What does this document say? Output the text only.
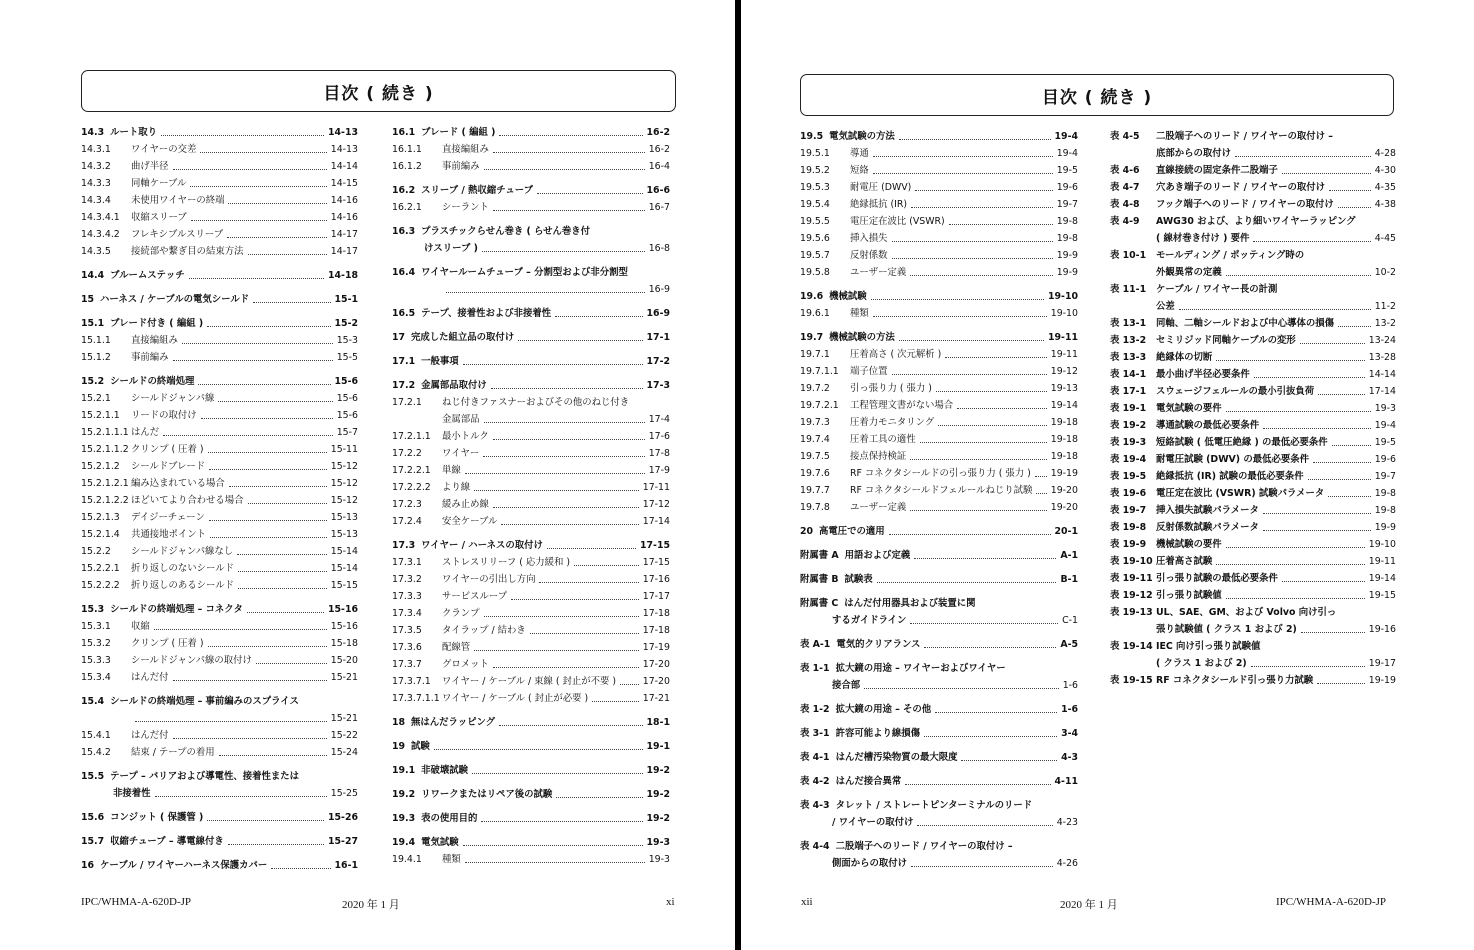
目次 ( 続き )
14.3 ルート取り	14-13
14.3.1	ワイヤーの交差	14-13
14.3.2	曲げ半径	14-14
14.3.3	同軸ケーブル	14-15
14.3.4	未使用ワイヤーの終端	14-16
14.3.4.1	収縮スリーブ	14-16
14.3.4.2	フレキシブルスリーブ	14-17
14.3.5	接続部や繋ぎ目の結束方法	14-17
14.4 ブルームステッチ	14-18
15 ハーネス / ケーブルの電気シールド	15-1
15.1 ブレード付き ( 編組 )	15-2
15.1.1	直接編組み	15-3
15.1.2	事前編み	15-5
15.2 シールドの終端処理	15-6
15.2.1	シールドジャンパ線	15-6
15.2.1.1	リードの取付け	15-6
15.2.1.1.1 はんだ	15-7
15.2.1.1.2 クリンプ ( 圧着 )	15-11
15.2.1.2	シールドブレード	15-12
15.2.1.2.1 編み込まれている場合	15-12
15.2.1.2.2 ほどいてより合わせる場合	15-12
15.2.1.3	デイジーチェーン	15-13
15.2.1.4	共通接地ポイント	15-13
15.2.2	シールドジャンパ線なし	15-14
15.2.2.1	折り返しのないシールド	15-14
15.2.2.2	折り返しのあるシールド	15-15
15.3 シールドの終端処理 – コネクタ	15-16
15.3.1	収縮	15-16
15.3.2	クリンプ ( 圧着 )	15-18
15.3.3	シールドジャンパ線の取付け	15-20
15.3.4	はんだ付	15-21
15.4 シールドの終端処理 – 事前編みのスプライス
15-21
15.4.1	はんだ付	15-22
15.4.2	結束 / テープの着用	15-24
15.5 テープ – バリアおよび導電性、接着性または
非接着性	15-25
15.6 コンジット ( 保護管 )	15-26
15.7 収縮チューブ – 導電線付き	15-27
16 ケーブル / ワイヤーハーネス保護カバー	16-1
16.1 ブレード ( 編組 )	16-2
16.1.1	直接編組み	16-2
16.1.2	事前編み	16-4
16.2 スリーブ / 熱収縮チューブ	16-6
16.2.1	シーラント	16-7
16.3 プラスチックらせん巻き ( らせん巻き付
けスリーブ )	16-8
16.4 ワイヤールームチューブ – 分割型および非分割型
16-9
16.5 テープ、接着性および非接着性	16-9
17 完成した組立品の取付け	17-1
17.1 一般事項	17-2
17.2 金属部品取付け	17-3
17.2.1	ねじ付きファスナーおよびその他のねじ付き
金属部品	17-4
17.2.1.1	最小トルク	17-6
17.2.2	ワイヤー	17-8
17.2.2.1	単線	17-9
17.2.2.2	より線	17-11
17.2.3	緩み止め線	17-12
17.2.4	安全ケーブル	17-14
17.3 ワイヤー / ハーネスの取付け	17-15
17.3.1	ストレスリリーフ ( 応力緩和 )	17-15
17.3.2	ワイヤーの引出し方向	17-16
17.3.3	サービスループ	17-17
17.3.4	クランプ	17-18
17.3.5	タイラップ / 結わき	17-18
17.3.6	配線管	17-19
17.3.7	グロメット	17-20
17.3.7.1	ワイヤー / ケーブル / 束線 ( 封止が不要 )	17-20
17.3.7.1.1 ワイヤー / ケーブル ( 封止が必要 )	17-21
18 無はんだラッピング	18-1
19 試験	19-1
19.1 非破壊試験	19-2
19.2 リワークまたはリペア後の試験	19-2
19.3 表の使用目的	19-2
19.4 電気試験	19-3
19.4.1	種類	19-3
IPC/WHMA-A-620D-JP	2020 年 1 月	xi
目次 ( 続き )
19.5 電気試験の方法	19-4
19.5.1	導通	19-4
19.5.2	短絡	19-5
19.5.3	耐電圧 (DWV)	19-6
19.5.4	絶縁抵抗 (IR)	19-7
19.5.5	電圧定在波比 (VSWR)	19-8
19.5.6	挿入損失	19-8
19.5.7	反射係数	19-9
19.5.8	ユーザー定義	19-9
19.6 機械試験	19-10
19.6.1	種類	19-10
19.7 機械試験の方法	19-11
19.7.1	圧着高さ ( 次元解析 )	19-11
19.7.1.1	端子位置	19-12
19.7.2	引っ張り力 ( 張力 )	19-13
19.7.2.1	工程管理文書がない場合	19-14
19.7.3	圧着力モニタリング	19-18
19.7.4	圧着工具の適性	19-18
19.7.5	接点保持検証	19-18
19.7.6	RF コネクタシールドの引っ張り力 ( 張力 ) 19-19
19.7.7	RF コネクタシールドフェルールねじり試験 19-20
19.7.8	ユーザー定義	19-20
20 高電圧での適用	20-1
附属書 A 用語および定義	A-1
附属書 B 試験表	B-1
附属書 C はんだ付用器具および装置に関
するガイドライン	C-1
表 A-1 電気的クリアランス	A-5
表 1-1 拡大鏡の用途 – ワイヤーおよびワイヤー
接合部	1-6
表 1-2 拡大鏡の用途 – その他	1-6
表 3-1 許容可能より線損傷	3-4
表 4-1 はんだ槽汚染物質の最大限度	4-3
表 4-2 はんだ接合異常	4-11
表 4-3 タレット / ストレートピンターミナルのリード
/ ワイヤーの取付け	4-23
表 4-4 二股端子へのリード / ワイヤーの取付け –
側面からの取付け	4-26
表 4-5	二股端子へのリード / ワイヤーの取付け –
底部からの取付け	4-28
表 4-6	直線接続の固定条件二股端子	4-30
表 4-7	穴あき端子のリード / ワイヤーの取付け	4-35
表 4-8	フック端子へのリード / ワイヤーの取付け	4-38
表 4-9	AWG30 および、より細いワイヤーラッピング
( 線材巻き付け ) 要件	4-45
表 10-1	モールディング / ポッティング時の
外観異常の定義	10-2
表 11-1	ケーブル / ワイヤー長の計測
公差	11-2
表 13-1	同軸、二軸シールドおよび中心導体の損傷	13-2
表 13-2	セミリジッド同軸ケーブルの変形	13-24
表 13-3	絶縁体の切断	13-28
表 14-1	最小曲げ半径必要条件	14-14
表 17-1	スウェージフェルールの最小引抜負荷	17-14
表 19-1	電気試験の要件	19-3
表 19-2	導通試験の最低必要条件	19-4
表 19-3	短絡試験 ( 低電圧絶縁 ) の最低必要条件	19-5
表 19-4	耐電圧試験 (DWV) の最低必要条件	19-6
表 19-5	絶縁抵抗 (IR) 試験の最低必要条件	19-7
表 19-6	電圧定在波比 (VSWR) 試験パラメータ	19-8
表 19-7	挿入損失試験パラメータ	19-8
表 19-8	反射係数試験パラメータ	19-9
表 19-9	機械試験の要件	19-10
表 19-10 圧着高さ試験	19-11
表 19-11 引っ張り試験の最低必要条件	19-14
表 19-12 引っ張り試験値	19-15
表 19-13 UL、SAE、GM、および Volvo 向け引っ
張り試験値 ( クラス 1 および 2)	19-16
表 19-14 IEC 向け引っ張り試験値
( クラス 1 および 2)	19-17
表 19-15 RF コネクタシールド引っ張り力試験	19-19
xii	2020 年 1 月	IPC/WHMA-A-620D-JP
